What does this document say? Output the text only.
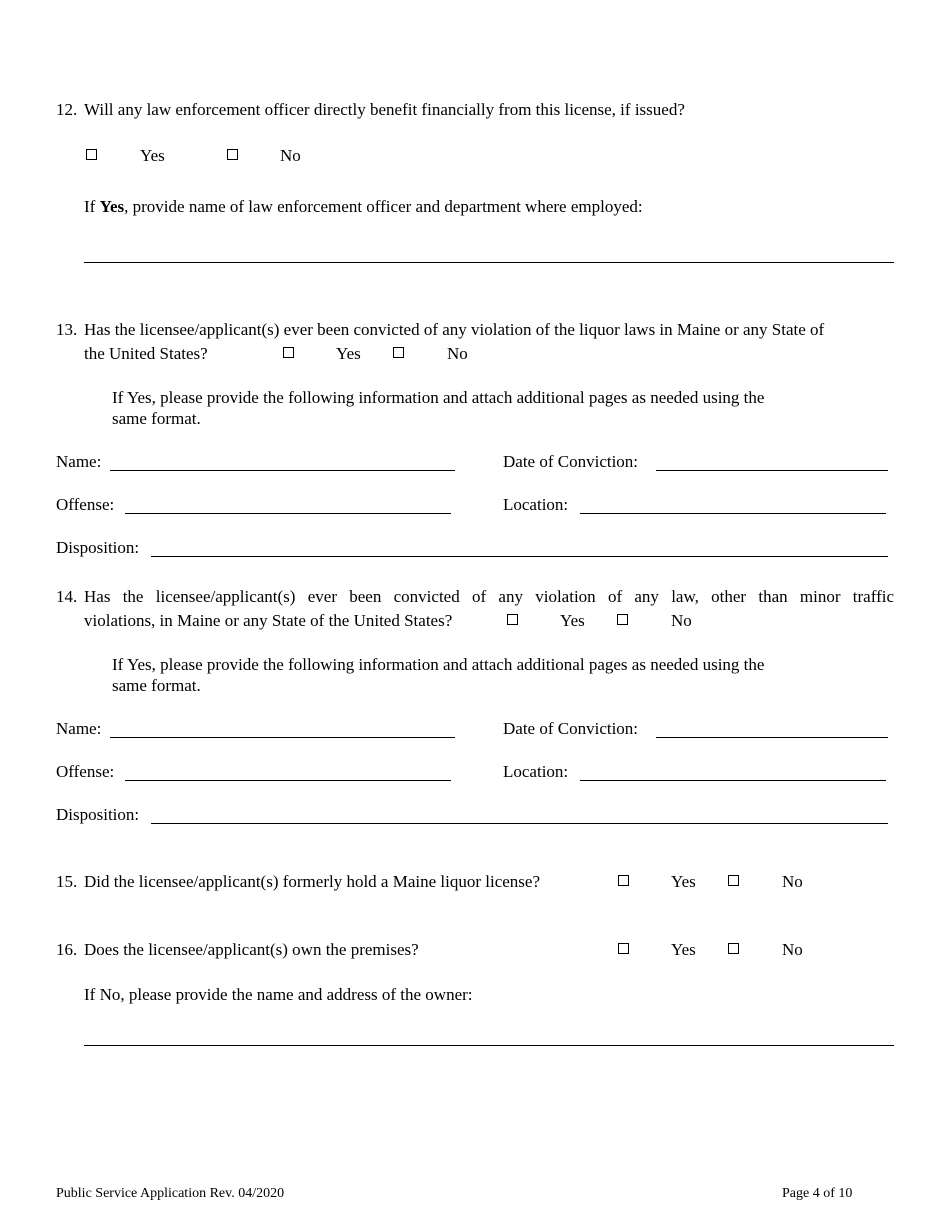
12. Will any law enforcement officer directly benefit financially from this license, if issued?
Yes	No
If Yes, provide name of law enforcement officer and department where employed:
13. Has the licensee/applicant(s) ever been convicted of any violation of the liquor laws in Maine or any State of
the United States?	Yes	No
If Yes, please provide the following information and attach additional pages as needed using the
same format.
Name:	Date of Conviction:
Offense:	Location:
Disposition:
14. Has the licensee/applicant(s) ever been convicted of any violation of any law, other than minor traffic
violations, in Maine or any State of the United States?	Yes	No
If Yes, please provide the following information and attach additional pages as needed using the
same format.
Name:	Date of Conviction:
Offense:	Location:
Disposition:
15. Did the licensee/applicant(s) formerly hold a Maine liquor license?	Yes	No
16. Does the licensee/applicant(s) own the premises?	Yes	No
If No, please provide the name and address of the owner:
Public Service Application Rev. 04/2020	Page 4 of 10
